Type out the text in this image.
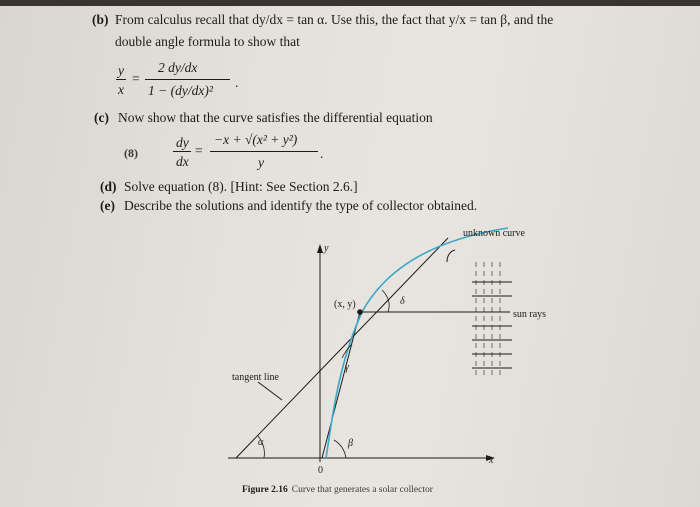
(b) From calculus recall that dy/dx = tan α. Use this, the fact that y/x = tan β, and the
double angle formula to show that
y
x
=
2 dy/dx
1 − (dy/dx)²
.
(c) Now show that the curve satisfies the differential equation
(8)
dy
dx
=
−x + √(x² + y²)
y
.
(d) Solve equation (8). [Hint: See Section 2.6.]
(e) Describe the solutions and identify the type of collector obtained.
unknown curve
sun rays
tangent line
(x, y)
y
x
0
δ
γ
α	β
Figure 2.16 Curve that generates a solar collector
